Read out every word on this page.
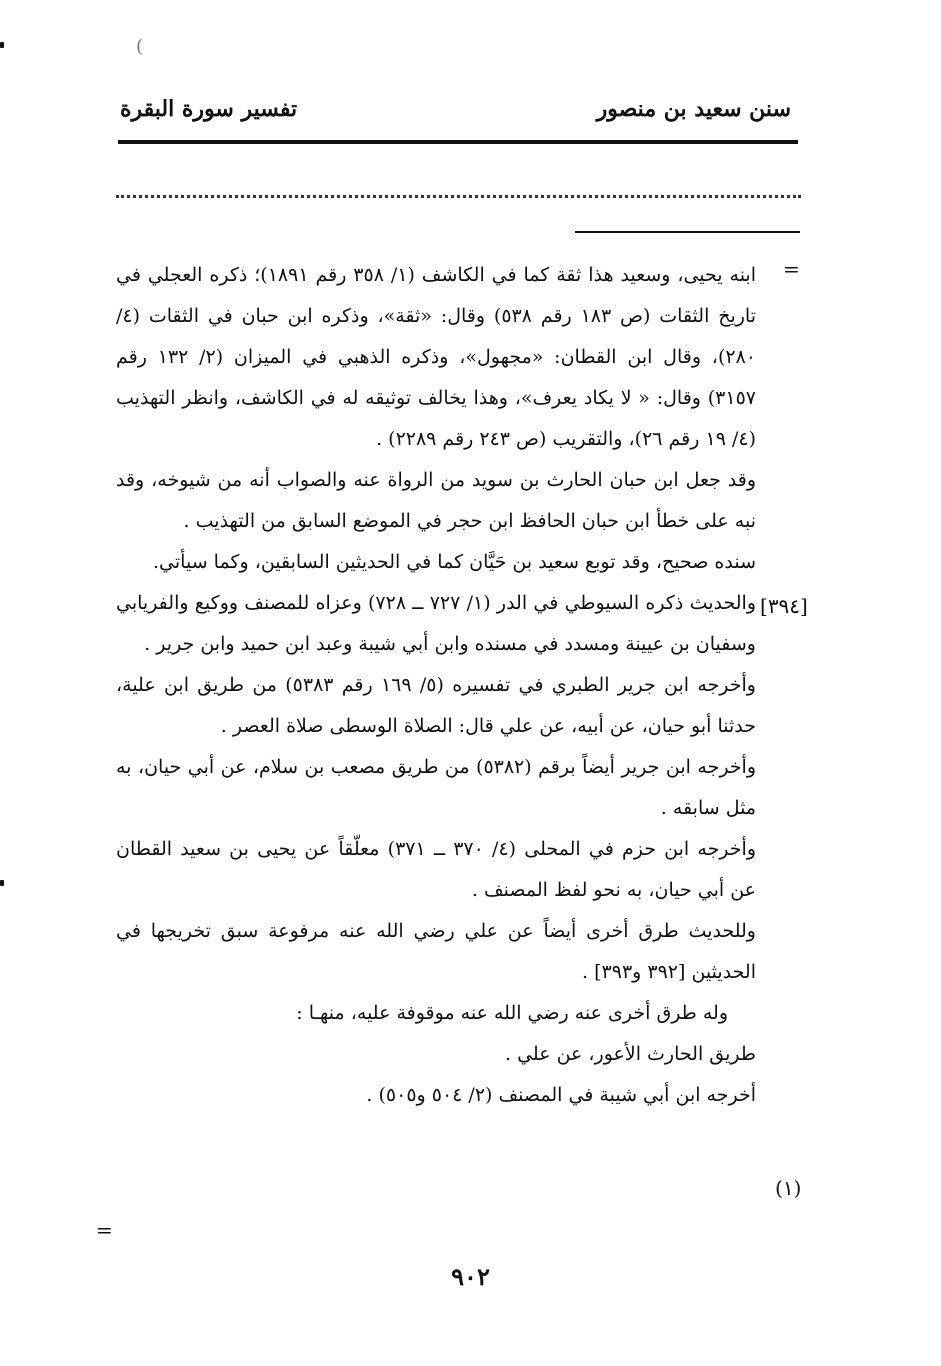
(
سنن سعيد بن منصور
تفسير سورة البقرة
=
[٣٩٤]
(١)
=

ابنه يحيى، وسعيد هذا ثقة كما في الكاشف (١/ ٣٥٨ رقم ١٨٩١)؛ ذكره العجلي في تاريخ الثقات (ص ١٨٣ رقم ٥٣٨) وقال: «ثقة»، وذكره ابن حبان في الثقات (٤/ ٢٨٠)، وقال ابن القطان: «مجهول»، وذكره الذهبي في الميزان (٢/ ١٣٢ رقم ٣١٥٧) وقال: « لا يكاد يعرف»، وهذا يخالف توثيقه له في الكاشف، وانظر التهذيب (٤/ ١٩ رقم ٢٦)، والتقريب (ص ٢٤٣ رقم ٢٢٨٩) .

وقد جعل ابن حبان الحارث بن سويد من الرواة عنه والصواب أنه من شيوخه، وقد نبه على خطأ ابن حبان الحافظ ابن حجر في الموضع السابق من التهذيب .

سنده صحيح، وقد توبع سعيد بن حَيَّان كما في الحديثين السابقين، وكما سيأتي.

والحديث ذكره السيوطي في الدر (١/ ٧٢٧ ــ ٧٢٨) وعزاه للمصنف ووكيع والفريابي وسفيان بن عيينة ومسدد في مسنده وابن أبي شيبة وعبد ابن حميد وابن جرير .

وأخرجه ابن جرير الطبري في تفسيره (٥/ ١٦٩ رقم ٥٣٨٣) من طريق ابن علية، حدثنا أبو حيان، عن أبيه، عن علي قال: الصلاة الوسطى صلاة العصر .

وأخرجه ابن جرير أيضاً برقم (٥٣٨٢) من طريق مصعب بن سلام، عن أبي حيان، به مثل سابقه .

وأخرجه ابن حزم في المحلى (٤/ ٣٧٠ ــ ٣٧١) معلّقاً عن يحيى بن سعيد القطان عن أبي حيان، به نحو لفظ المصنف .

وللحديث طرق أخرى أيضاً عن علي رضي الله عنه مرفوعة سبق تخريجها في الحديثين [٣٩٢ و٣٩٣] .

وله طرق أخرى عنه رضي الله عنه موقوفة عليه، منهـا :

طريق الحارث الأعور، عن علي .

أخرجه ابن أبي شيبة في المصنف (٢/ ٥٠٤ و٥٠٥) .

٩٠٢
